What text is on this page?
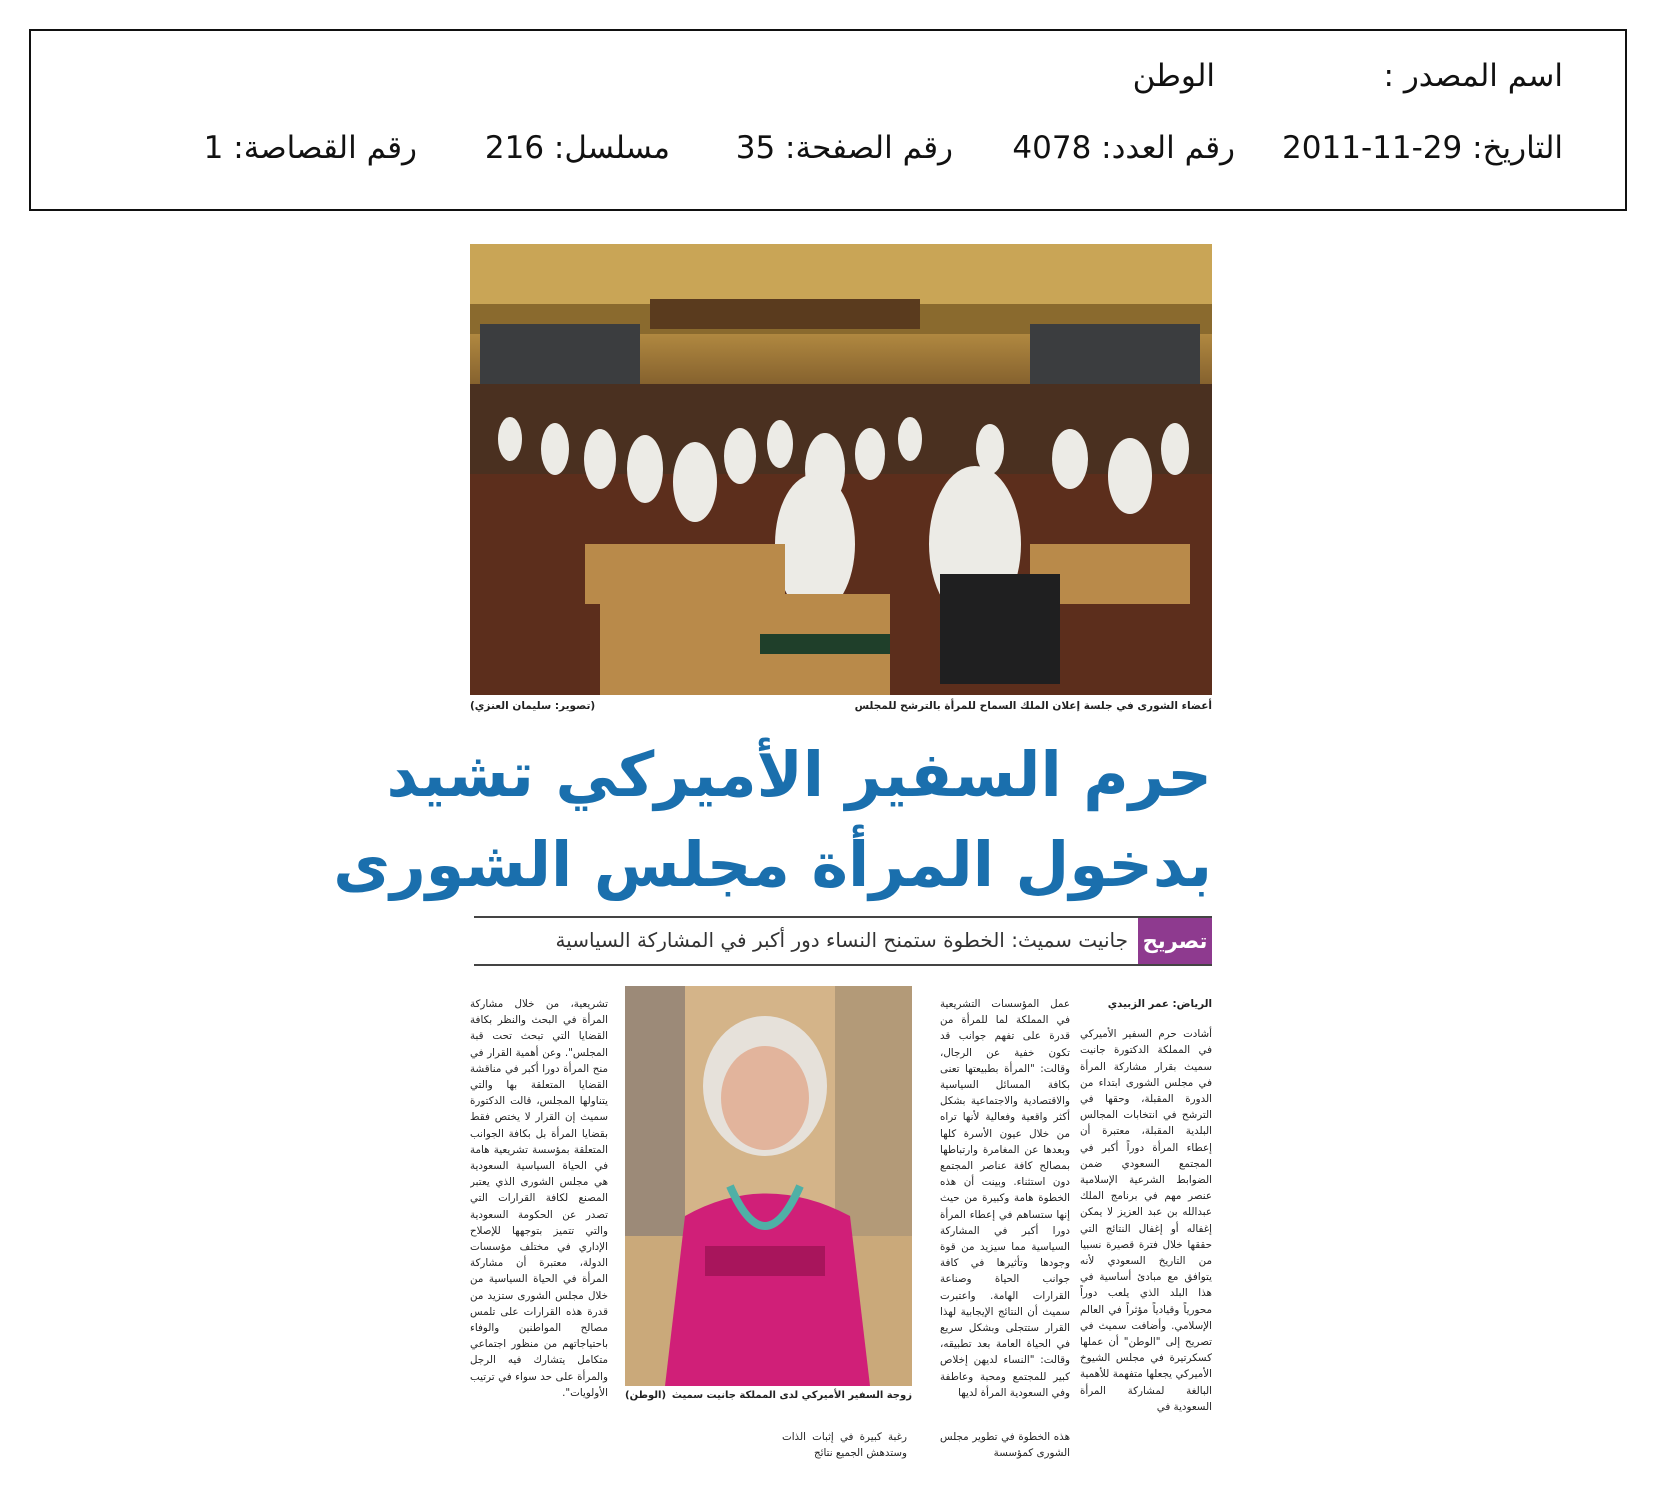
اسم المصدر :
الوطن
التاريخ: 29-11-2011
رقم العدد: 4078
رقم الصفحة: 35
مسلسل: 216
رقم القصاصة: 1
أعضاء الشورى في جلسة إعلان الملك السماح للمرأة بالترشح للمجلس
(تصوير: سليمان العنزي)
حرم السفير الأميركي تشيد
بدخول المرأة مجلس الشورى
تصريح
جانيت سميث: الخطوة ستمنح النساء دور أكبر في المشاركة السياسية
الرياض: عمر الزبيدي
أشادت حرم السفير الأميركي في المملكة الدكتورة جانيت سميث بقرار مشاركة المرأة في مجلس الشورى ابتداء من الدورة المقبلة، وحقها في الترشح في انتخابات المجالس البلدية المقبلة، معتبرة أن إعطاء المرأة دوراً أكبر في المجتمع السعودي ضمن الضوابط الشرعية الإسلامية عنصر مهم في برنامج الملك عبدالله بن عبد العزيز لا يمكن إغفاله أو إغفال النتائج التي حققها خلال فترة قصيرة نسبيا من التاريخ السعودي لأنه يتوافق مع مبادئ أساسية في هذا البلد الذي يلعب دوراً محورياً وقيادياً مؤثراً في العالم الإسلامي. وأضافت سميث في تصريح إلى "الوطن" أن عملها كسكرتيرة في مجلس الشيوخ الأميركي يجعلها متفهمة للأهمية البالغة لمشاركة المرأة السعودية في
عمل المؤسسات التشريعية في المملكة لما للمرأة من قدرة على تفهم جوانب قد تكون خفية عن الرجال، وقالت: "المرأة بطبيعتها تعنى بكافة المسائل السياسية والاقتصادية والاجتماعية بشكل أكثر واقعية وفعالية لأنها تراه من خلال عيون الأسرة كلها وبعدها عن المغامرة وارتباطها بمصالح كافة عناصر المجتمع دون استثناء. وبينت أن هذه الخطوة هامة وكبيرة من حيث إنها ستساهم في إعطاء المرأة دورا أكبر في المشاركة السياسية مما سيزيد من قوة وجودها وتأثيرها في كافة جوانب الحياة وصناعة القرارات الهامة. واعتبرت سميث أن النتائج الإيجابية لهذا القرار ستتجلى وبشكل سريع في الحياة العامة بعد تطبيقه، وقالت: "النساء لديهن إخلاص كبير للمجتمع ومحبة وعاطفة وفي السعودية المرأة لديها
رغبة كبيرة في إثبات الذات وستدهش الجميع نتائج
هذه الخطوة في تطوير مجلس الشورى كمؤسسة
تشريعية، من خلال مشاركة المرأة في البحث والنظر بكافة القضايا التي تبحث تحت قبة المجلس". وعن أهمية القرار في منح المرأة دورا أكبر في مناقشة القضايا المتعلقة بها والتي يتناولها المجلس، قالت الدكتورة سميث إن القرار لا يختص فقط بقضايا المرأة بل بكافة الجوانب المتعلقة بمؤسسة تشريعية هامة في الحياة السياسية السعودية هي مجلس الشورى الذي يعتبر المصنع لكافة القرارات التي تصدر عن الحكومة السعودية والتي تتميز بتوجهها للإصلاح الإداري في مختلف مؤسسات الدولة، معتبرة أن مشاركة المرأة في الحياة السياسية من خلال مجلس الشورى ستزيد من قدرة هذه القرارات على تلمس مصالح المواطنين والوفاء باحتياجاتهم من منظور اجتماعي متكامل يتشارك فيه الرجل والمرأة على حد سواء في ترتيب الأولويات".	زوجة السفير الأميركي لدى المملكة جانيت سميث
(الوطن)
